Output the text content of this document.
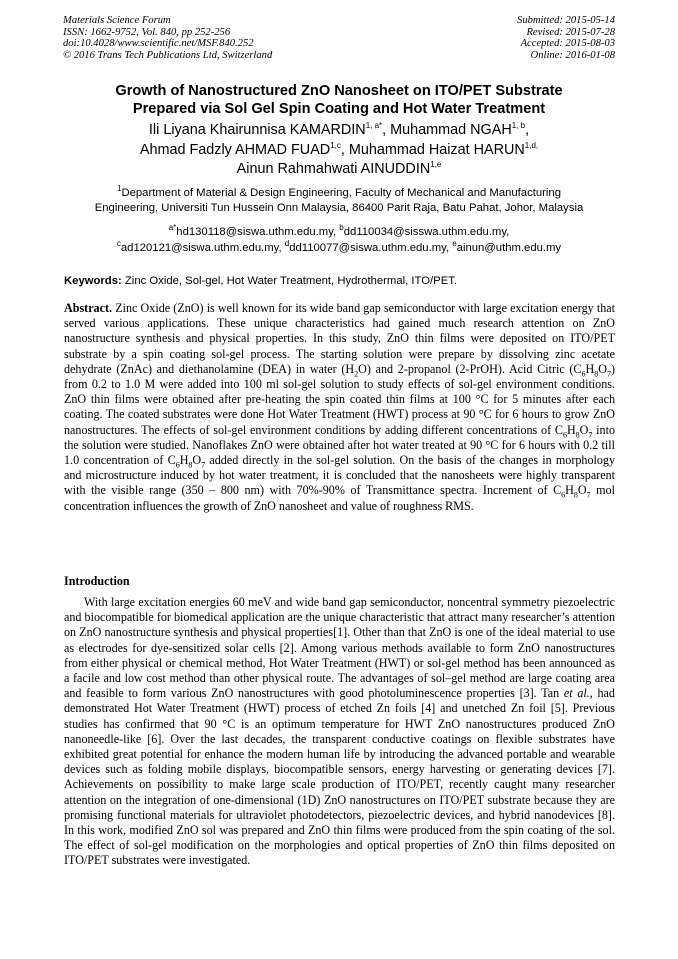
Materials Science Forum
ISSN: 1662-9752, Vol. 840, pp 252-256
doi:10.4028/www.scientific.net/MSF.840.252
© 2016 Trans Tech Publications Ltd, Switzerland
Submitted: 2015-05-14
Revised: 2015-07-28
Accepted: 2015-08-03
Online: 2016-01-08
Growth of Nanostructured ZnO Nanosheet on ITO/PET Substrate
Prepared via Sol Gel Spin Coating and Hot Water Treatment
Ili Liyana Khairunnisa $KAMARDIN^{1, a*}$, Muhammad NGAH$^{1, b}$,
Ahmad Fadzly AHMAD FUAD$^{1,c}$, Muhammad Haizat $HARUN^{1,d,}$
Ainun Rahmahwati AINUDDIN$^{1,e}$
$^1$Department of Material & Design Engineering, Faculty of Mechanical and Manufacturing
Engineering, Universiti Tun Hussein Onn Malaysia, 86400 Parit Raja, Batu Pahat, Johor, Malaysia
$^{a*}$hd130118@siswa.uthm.edu.my, $^b$dd110034@sisswa.uthm.edu.my,
$^c$ad120121@siswa.uthm.edu.my, $^d$dd110077@siswa.uthm.edu.my, $^e$ainun@uthm.edu.my
Keywords: Zinc Oxide, Sol-gel, Hot Water Treatment, Hydrothermal, ITO/PET.
Abstract. Zinc Oxide (ZnO) is well known for its wide band gap semiconductor with large excitation energy that served various applications. These unique characteristics had gained much research attention on ZnO nanostructure synthesis and physical properties. In this study, ZnO thin films were deposited on ITO/PET substrate by a spin coating sol-gel process. The starting solution were prepare by dissolving zinc acetate dehydrate (ZnAc) and diethanolamine (DEA) in water $(H_2O)$ and 2-propanol (2-PrOH). Acid Citric $(C_6H_8O_7)$ from 0.2 to 1.0 M were added into 100 ml sol-gel solution to study effects of sol-gel environment conditions. ZnO thin films were obtained after pre-heating the spin coated thin films at 100 °C for 5 minutes after each coating. The coated substrates were done Hot Water Treatment (HWT) process at 90 °C for 6 hours to grow ZnO nanostructures. The effects of sol-gel environment conditions by adding different concentrations of $C_6H_8O_7$ into the solution were studied. Nanoflakes ZnO were obtained after hot water treated at 90 °C for 6 hours with 0.2 till 1.0 concentration of $C_6H_8O_7$ added directly in the sol-gel solution. On the basis of the changes in morphology and microstructure induced by hot water treatment, it is concluded that the nanosheets were highly transparent with the visible range (350 – 800 nm) with 70%-90% of Transmittance spectra. Increment of $C_6H_8O_7$ mol concentration influences the growth of ZnO nanosheet and value of roughness RMS.
Introduction
With large excitation energies 60 meV and wide band gap semiconductor, noncentral symmetry piezoelectric and biocompatible for biomedical application are the unique characteristic that attract many researcher’s attention on ZnO nanostructure synthesis and physical properties[1]. Other than that ZnO is one of the ideal material to use as electrodes for dye-sensitized solar cells [2]. Among various methods available to form ZnO nanostructures from either physical or chemical method, Hot Water Treatment (HWT) or sol-gel method has been announced as a facile and low cost method than other physical route. The advantages of sol–gel method are large coating area and feasible to form various ZnO nanostructures with good photoluminescence properties [3]. Tan et al., had demonstrated Hot Water Treatment (HWT) process of etched Zn foils [4] and unetched Zn foil [5]. Previous studies has confirmed that 90 °C is an optimum temperature for HWT ZnO nanostructures produced ZnO nanoneedle-like [6]. Over the last decades, the transparent conductive coatings on flexible substrates have exhibited great potential for enhance the modern human life by introducing the advanced portable and wearable devices such as folding mobile displays, biocompatible sensors, energy harvesting or generating devices [7]. Achievements on possibility to make large scale production of ITO/PET, recently caught many researcher attention on the integration of one-dimensional (1D) ZnO nanostructures on ITO/PET substrate because they are promising functional materials for ultraviolet photodetectors, piezoelectric devices, and hybrid nanodevices [8]. In this work, modified ZnO sol was prepared and ZnO thin films were produced from the spin coating of the sol. The effect of sol-gel modification on the morphologies and optical properties of ZnO thin films deposited on ITO/PET substrates were investigated.
